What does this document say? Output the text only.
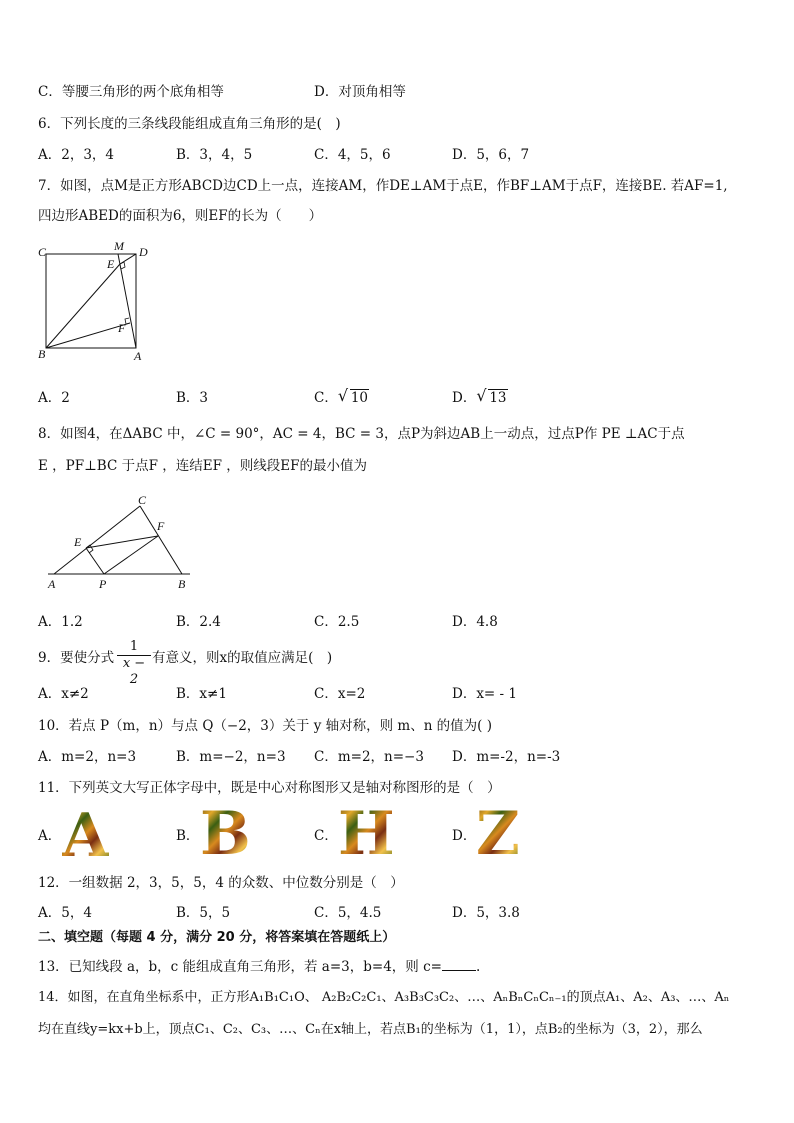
C．等腰三角形的两个底角相等	D．对顶角相等
6．下列长度的三条线段能组成直角三角形的是(　)
A．2，3，4	B．3，4，5	C．4，5，6	D．5，6，7
7．如图，点M是正方形ABCD边CD上一点，连接AM，作DE⊥AM于点E，作BF⊥AM于点F，连接BE. 若AF=1,
四边形ABED的面积为6，则EF的长为（　　）
C	M D
E
F
B	A
A．2	B．3	C． √ 10	D． √ 13
8．如图4，在ΔABC 中，∠C = 90°，AC = 4，BC = 3，点P为斜边AB上一动点，过点P作 PE ⊥AC于点
E ，PF⊥BC 于点F ，连结EF ，则线段EF的最小值为
C
F
E
A	P	B
A．1.2	B．2.4	C．2.5	D．4.8
9．要使分式 $\frac{1}{x - 2}$ 有意义，则x的取值应满足(　)
A．x≠2	B．x≠1	C．x=2	D．x= - 1
10．若点 P（m，n）与点 Q（−2，3）关于 y 轴对称，则 m、n 的值为( )
A．m=2，n=3	B．m=−2，n=3 C．m=2，n=−3 D．m=-2，n=-3
11．下列英文大写正体字母中，既是中心对称图形又是轴对称图形的是（　）
A． A	B． B	C． H	D． Z
12．一组数据 2，3，5，5，4 的众数、中位数分别是（　）
A．5，4	B．5，5	C．5，4.5	D．5，3.8
二、填空题（每题 4 分，满分 20 分，将答案填在答题纸上）
13．已知线段 a，b，c 能组成直角三角形，若 a=3，b=4，则 c=	.
14．如图，在直角坐标系中，正方形A₁B₁C₁O、 A₂B₂C₂C₁、A₃B₃C₃C₂、…、AₙBₙCₙCₙ₋₁的顶点A₁、A₂、A₃、…、Aₙ
均在直线y=kx+b上，顶点C₁、C₂、C₃、…、Cₙ在x轴上，若点B₁的坐标为（1，1），点B₂的坐标为（3，2），那么
